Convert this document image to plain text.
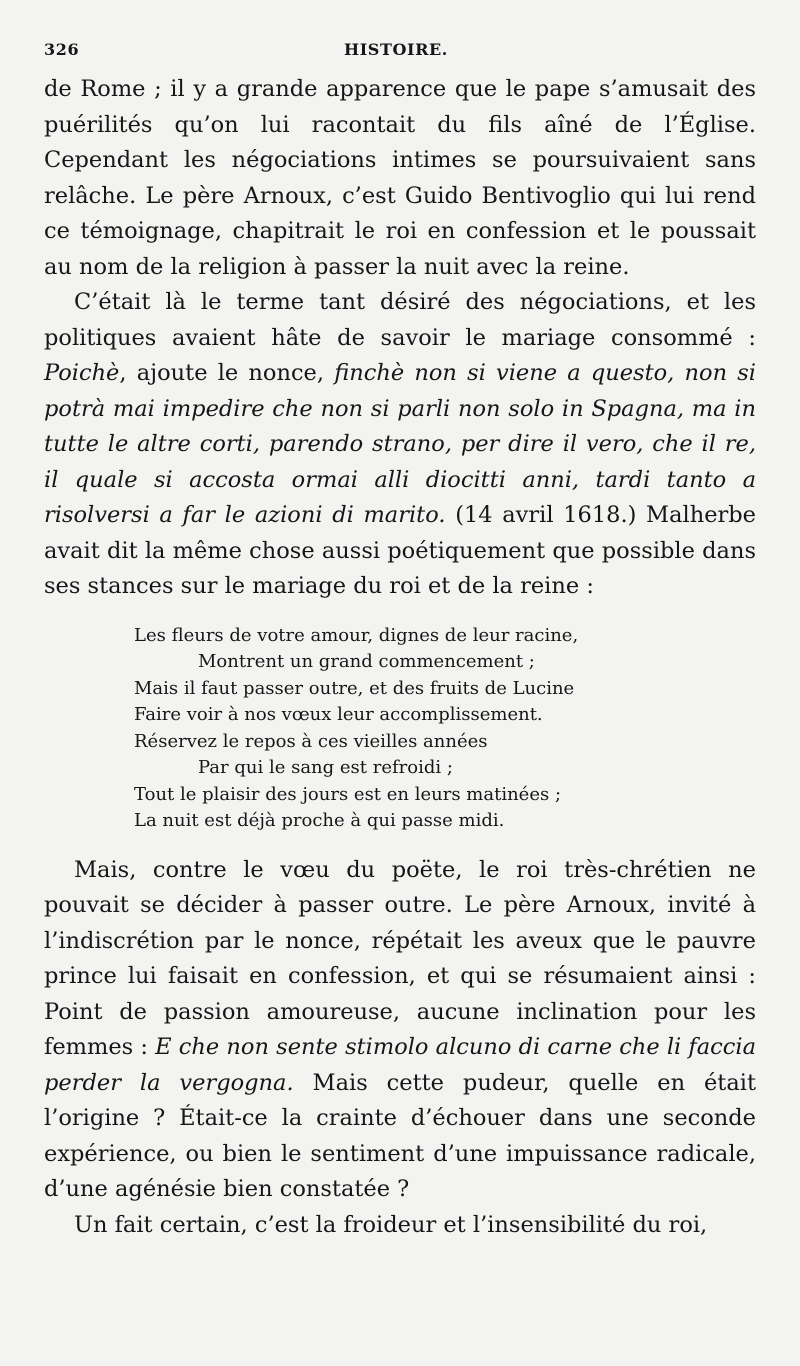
326	HISTOIRE.

de Rome ; il y a grande apparence que le pape s’amusait des puérilités qu’on lui racontait du fils aîné de l’Église. Cependant les négociations intimes se poursuivaient sans relâche. Le père Arnoux, c’est Guido Bentivoglio qui lui rend ce témoignage, chapitrait le roi en confession et le poussait au nom de la religion à passer la nuit avec la reine.

C’était là le terme tant désiré des négociations, et les politiques avaient hâte de savoir le mariage consommé : Poichè, ajoute le nonce, finchè non si viene a questo, non si potrà mai impedire che non si parli non solo in Spagna, ma in tutte le altre corti, parendo strano, per dire il vero, che il re, il quale si accosta ormai alli diocitti anni, tardi tanto a risolversi a far le azioni di marito. (14 avril 1618.) Malherbe avait dit la même chose aussi poétiquement que possible dans ses stances sur le mariage du roi et de la reine :

Les fleurs de votre amour, dignes de leur racine,
Montrent un grand commencement ;
Mais il faut passer outre, et des fruits de Lucine
Faire voir à nos vœux leur accomplissement.
Réservez le repos à ces vieilles années
Par qui le sang est refroidi ;
Tout le plaisir des jours est en leurs matinées ;
La nuit est déjà proche à qui passe midi.

Mais, contre le vœu du poëte, le roi très-chrétien ne pouvait se décider à passer outre. Le père Arnoux, invité à l’indiscrétion par le nonce, répétait les aveux que le pauvre prince lui faisait en confession, et qui se résumaient ainsi : Point de passion amoureuse, aucune inclination pour les femmes : E che non sente stimolo alcuno di carne che li faccia perder la vergogna. Mais cette pudeur, quelle en était l’origine ? Était-ce la crainte d’échouer dans une seconde expérience, ou bien le sentiment d’une impuissance radicale, d’une agénésie bien constatée ?

Un fait certain, c’est la froideur et l’insensibilité du roi,
